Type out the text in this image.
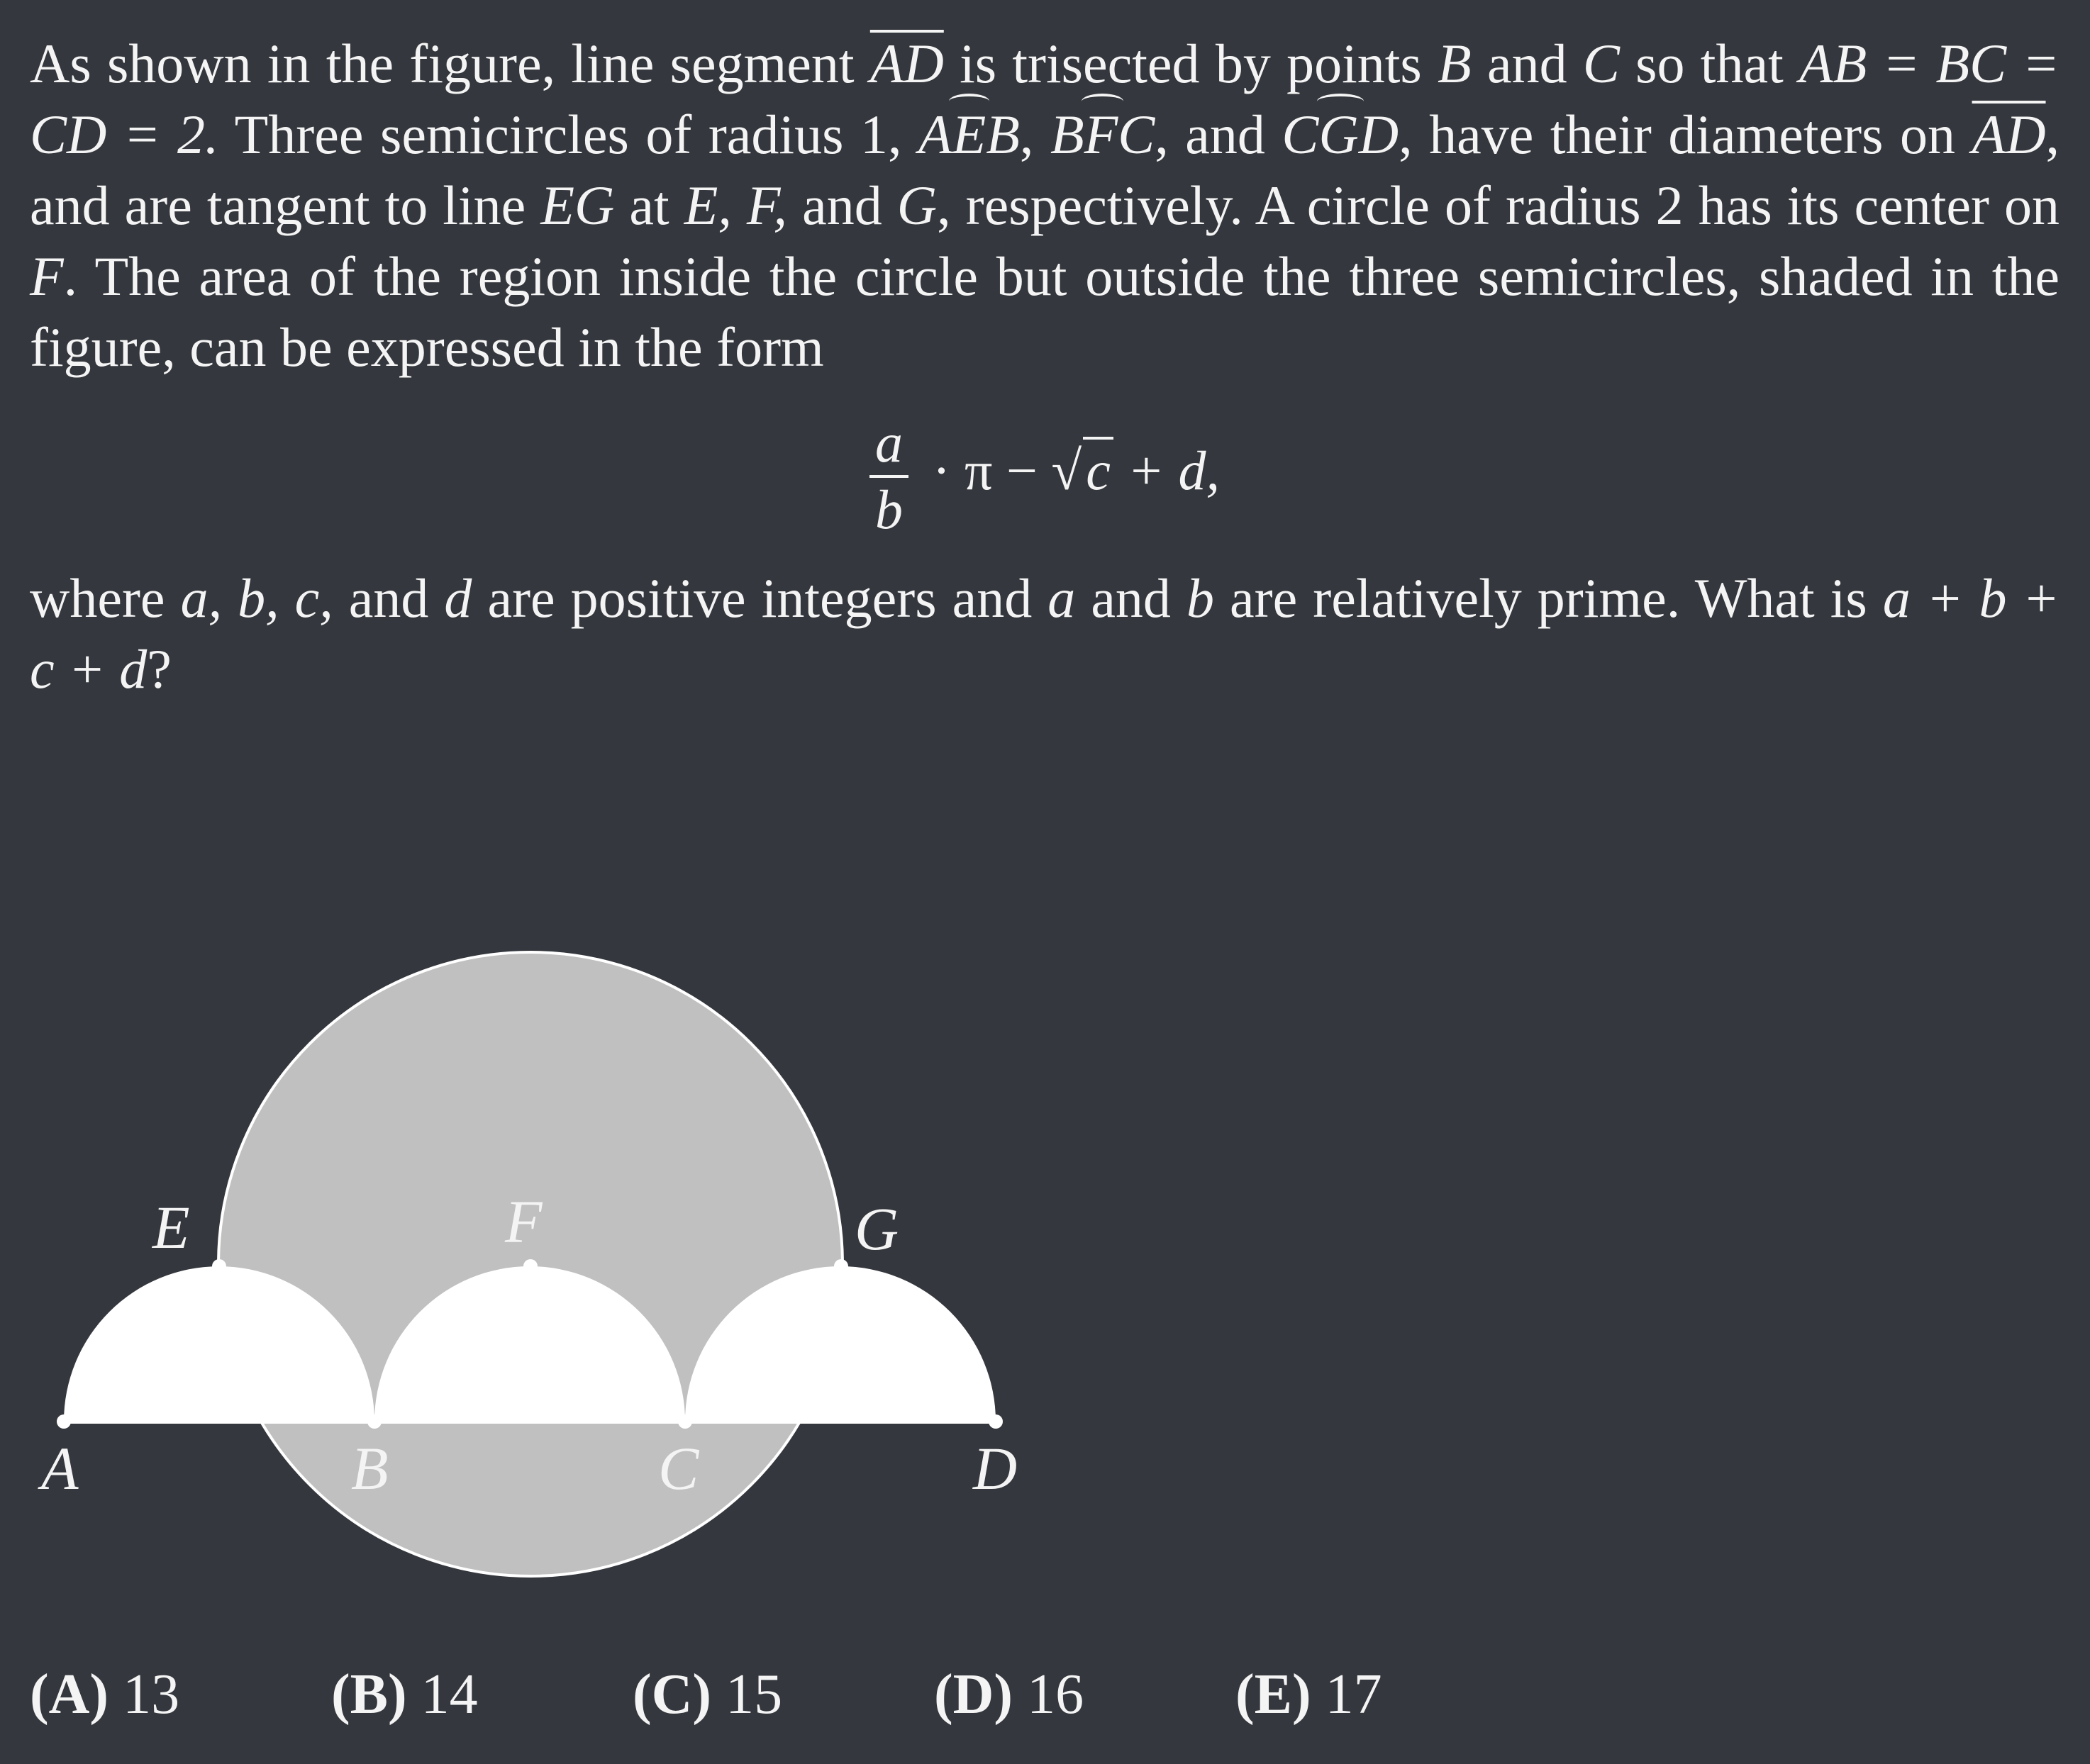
As shown in the figure, line segment $\overline{AD}$ is trisected by points B and C so that AB = BC = CD = 2. Three semicircles of radius 1, AEB, BFC, and CGD, have their diameters on $\overline{AD}$, and are tangent to line EG at E, F, and G, respectively. A circle of radius 2 has its center on F. The area of the region inside the circle but outside the three semicircles, shaded in the figure, can be expressed in the form
$\frac{a}{b} \cdot \pi - √c + d$,
where a, b, c, and d are positive integers and a and b are relatively prime. What is a + b + c + d?
A	B	C	D
E	F	G
(A) 13	(B) 14	(C) 15	(D) 16	(E) 17
